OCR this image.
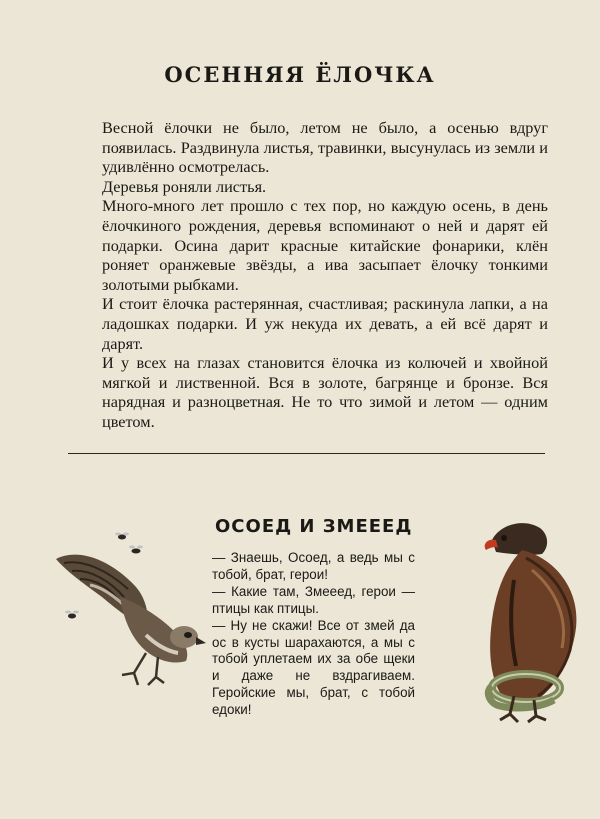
ОСЕННЯЯ ЁЛОЧКА

Весной ёлочки не было, летом не было, а осенью вдруг появилась. Раздвинула листья, травинки, высунулась из земли и удивлённо осмотрелась.

Деревья роняли листья.

Много-много лет прошло с тех пор, но каждую осень, в день ёлочкиного рождения, деревья вспоминают о ней и дарят ей подарки. Осина дарит красные китайские фонарики, клён роняет оранжевые звёзды, а ива засыпает ёлочку тонкими золотыми рыбками.

И стоит ёлочка растерянная, счастливая; раскинула лапки, а на ладошках подарки. И уж некуда их девать, а ей всё дарят и дарят.

И у всех на глазах становится ёлочка из колючей и хвойной мягкой и лиственной. Вся в золоте, багрянце и бронзе. Вся нарядная и разноцветная. Не то что зимой и летом — одним цветом.

ОСОЕД И ЗМЕЕЕД

— Знаешь, Осоед, а ведь мы с тобой, брат, герои!

— Какие там, Змеeед, герои — птицы как птицы.

— Ну не скажи! Все от змей да ос в кусты шарахаются, а мы с тобой уплетаем их за обе щеки и даже не вздрагиваем. Геройские мы, брат, с тобой едоки!
